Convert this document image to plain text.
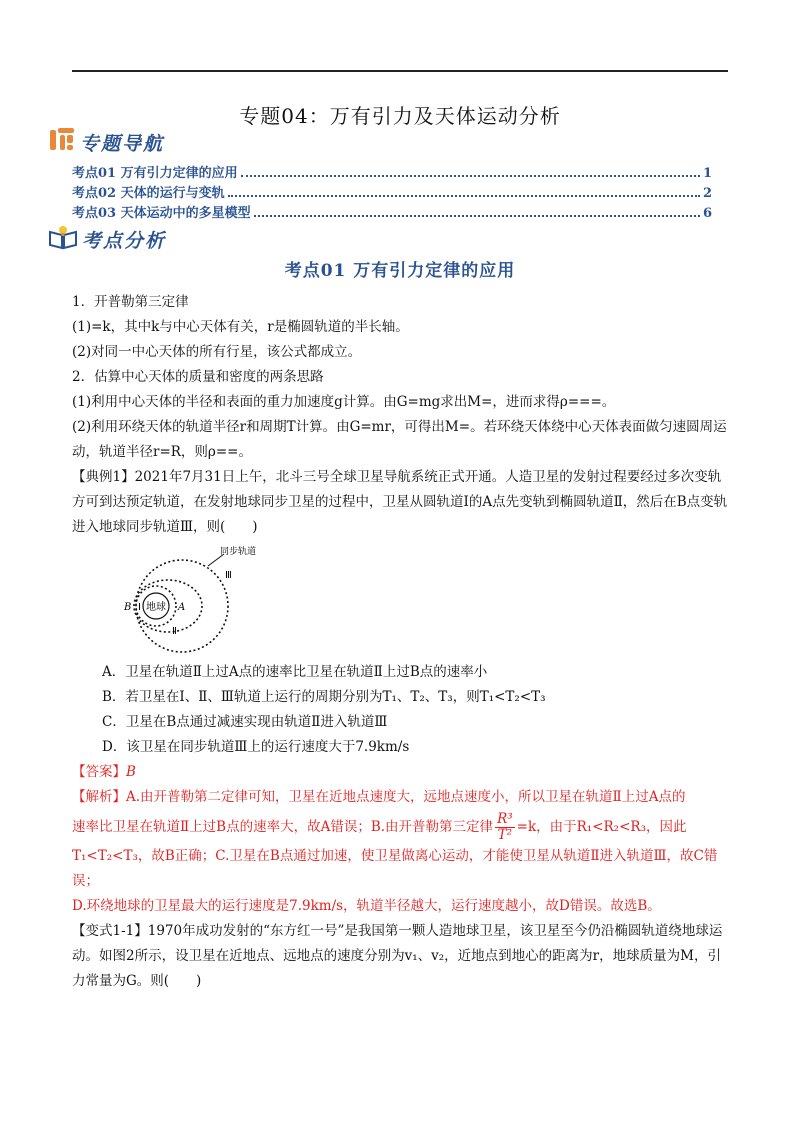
专题04：万有引力及天体运动分析
专题导航
考点01 万有引力定律的应用	1
考点02 天体的运行与变轨	2
考点03 天体运动中的多星模型	6
考点分析
考点01 万有引力定律的应用

1．开普勒第三定律

(1)=k，其中k与中心天体有关，r是椭圆轨道的半长轴。

(2)对同一中心天体的所有行星，该公式都成立。

2．估算中心天体的质量和密度的两条思路

(1)利用中心天体的半径和表面的重力加速度g计算。由G=mg求出M=，进而求得ρ===。

(2)利用环绕天体的轨道半径r和周期T计算。由G=mr，可得出M=。若环绕天体绕中心天体表面做匀速圆周运动，轨道半径r=R，则ρ==。

【典例1】2021年7月31日上午，北斗三号全球卫星导航系统正式开通。人造卫星的发射过程要经过多次变轨方可到达预定轨道，在发射地球同步卫星的过程中，卫星从圆轨道Ⅰ的A点先变轨到椭圆轨道Ⅱ，然后在B点变轨进入地球同步轨道Ⅲ，则(　　)

地球
同步轨道
Ⅲ
Ⅰ
Ⅱ
A
B

A．卫星在轨道Ⅱ上过A点的速率比卫星在轨道Ⅱ上过B点的速率小

B．若卫星在Ⅰ、Ⅱ、Ⅲ轨道上运行的周期分别为T₁、T₂、T₃，则T₁<T₂<T₃

C．卫星在B点通过减速实现由轨道Ⅱ进入轨道Ⅲ

D．该卫星在同步轨道Ⅲ上的运行速度大于7.9km/s

【答案】B

【解析】A.由开普勒第二定律可知，卫星在近地点速度大，远地点速度小，所以卫星在轨道Ⅱ上过A点的

速率比卫星在轨道Ⅱ上过B点的速率大，故A错误；B.由开普勒第三定律 $\frac{\text{R³}}{\text{T²}} =k$，由于R₁<R₂<R₃，因此

T₁<T₂<T₃，故B正确；C.卫星在B点通过加速，使卫星做离心运动，才能使卫星从轨道Ⅱ进入轨道Ⅲ，故C错误；

D.环绕地球的卫星最大的运行速度是7.9km/s，轨道半径越大，运行速度越小，故D错误。故选B。

【变式1-1】1970年成功发射的“东方红一号”是我国第一颗人造地球卫星，该卫星至今仍沿椭圆轨道绕地球运动。如图2所示，设卫星在近地点、远地点的速度分别为v₁、v₂，近地点到地心的距离为r，地球质量为M，引力常量为G。则(　　)
